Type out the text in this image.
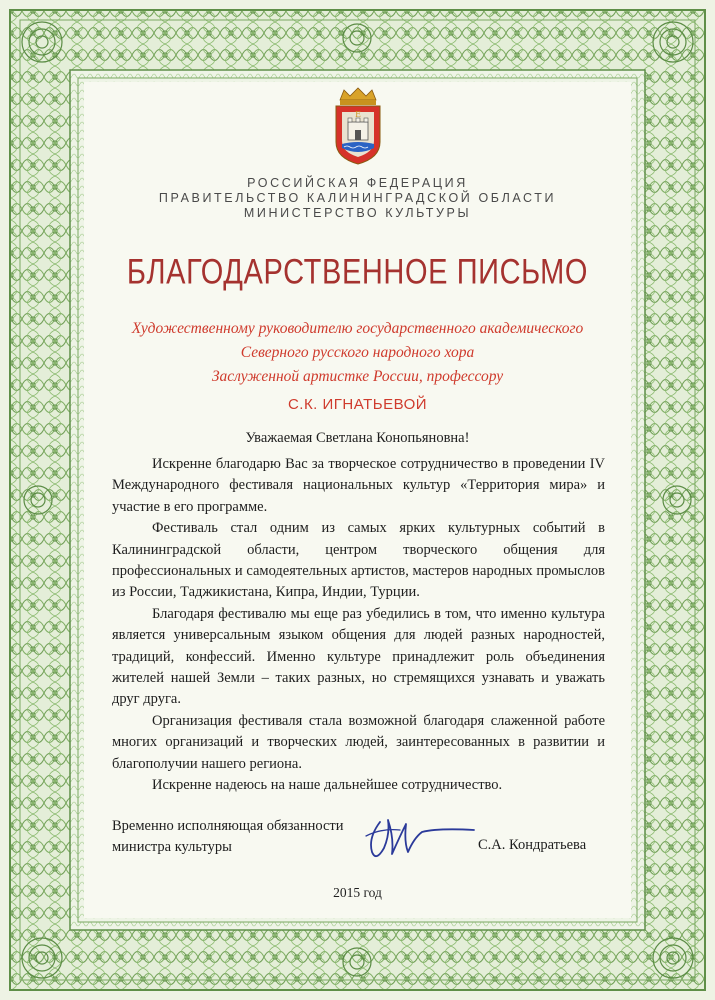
Е
РОССИЙСКАЯ ФЕДЕРАЦИЯ
ПРАВИТЕЛЬСТВО КАЛИНИНГРАДСКОЙ ОБЛАСТИ
МИНИСТЕРСТВО КУЛЬТУРЫ
БЛАГОДАРСТВЕННОЕ ПИСЬМО
Художественному руководителю государственного академического
Северного русского народного хора
Заслуженной артистке России, профессору
С.К. ИГНАТЬЕВОЙ
Уважаемая Светлана Конопьяновна!

Искренне благодарю Вас за творческое сотрудничество в проведении IV Международного фестиваля национальных культур «Территория мира» и участие в его программе.

Фестиваль стал одним из самых ярких культурных событий в Калининградской области, центром творческого общения для профессиональных и самодеятельных артистов, мастеров народных промыслов из России, Таджикистана, Кипра, Индии, Турции.

Благодаря фестивалю мы еще раз убедились в том, что именно культура является универсальным языком общения для людей разных народностей, традиций, конфессий. Именно культуре принадлежит роль объединения жителей нашей Земли – таких разных, но стремящихся узнавать и уважать друг друга.

Организация фестиваля стала возможной благодаря слаженной работе многих организаций и творческих людей, заинтересованных в развитии и благополучии нашего региона.

Искренне надеюсь на наше дальнейшее сотрудничество.

Временно исполняющая обязанности
министра культуры	С.А. Кондратьева
2015 год
